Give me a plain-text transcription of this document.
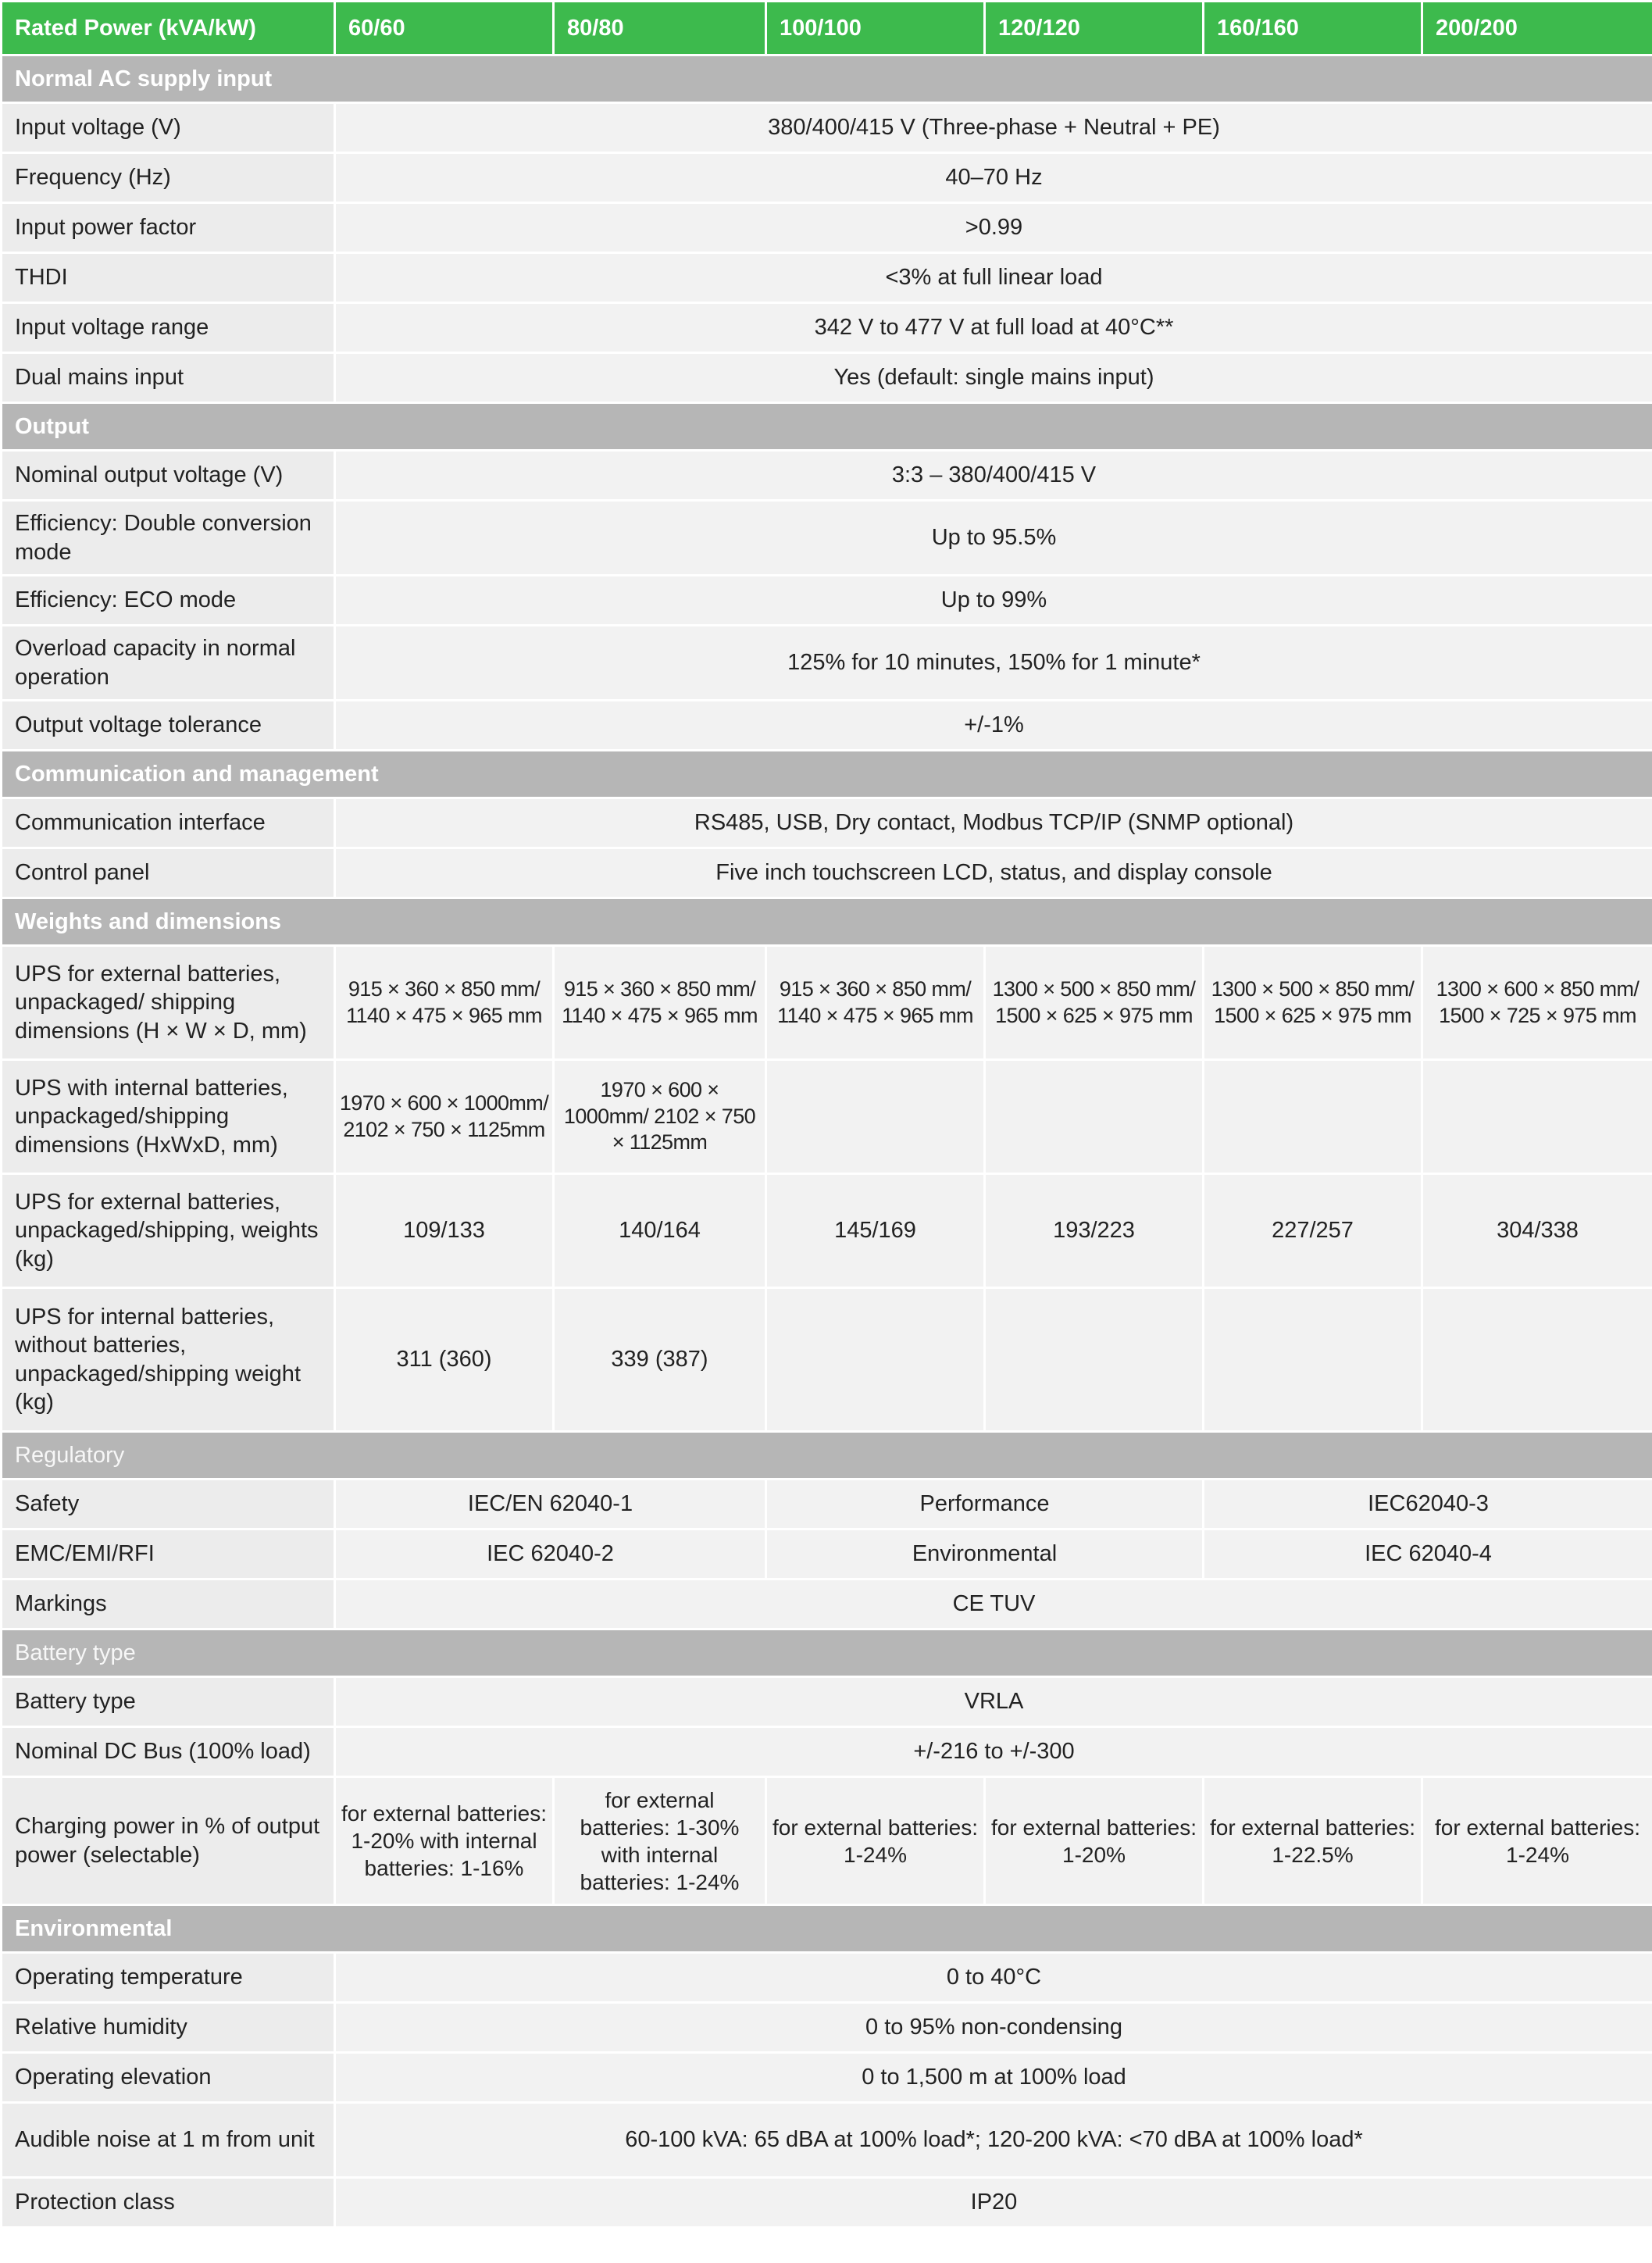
Rated Power (kVA/kW)	60/60	80/80	100/100	120/120	160/160	200/200
Normal AC supply input						
Input voltage (V)	380/400/415 V (Three-phase + Neutral + PE)					
Frequency (Hz)	40–70 Hz					
Input power factor	>0.99					
THDI	<3% at full linear load					
Input voltage range	342 V to 477 V at full load at 40°C**					
Dual mains input	Yes (default: single mains input)					
Output						
Nominal output voltage (V)	3:3 – 380/400/415 V					
Efficiency: Double conversion mode	Up to 95.5%					
Efficiency: ECO mode	Up to 99%					
Overload capacity in normal operation	125% for 10 minutes, 150% for 1 minute*					
Output voltage tolerance	+/-1%					
Communication and management						
Communication interface	RS485, USB, Dry contact, Modbus TCP/IP (SNMP optional)					
Control panel	Five inch touchscreen LCD, status, and display console					
Weights and dimensions						
UPS for external batteries, unpackaged/ shipping dimensions (H × W × D, mm)	915 × 360 × 850 mm/ 1140 × 475 × 965 mm	915 × 360 × 850 mm/ 1140 × 475 × 965 mm	915 × 360 × 850 mm/ 1140 × 475 × 965 mm	1300 × 500 × 850 mm/ 1500 × 625 × 975 mm	1300 × 500 × 850 mm/ 1500 × 625 × 975 mm	1300 × 600 × 850 mm/ 1500 × 725 × 975 mm
UPS with internal batteries, unpackaged/shipping dimensions (HxWxD, mm)	1970 × 600 × 1000mm/ 2102 × 750 × 1125mm	1970 × 600 × 1000mm/ 2102 × 750 × 1125mm				
UPS for external batteries, unpackaged/shipping, weights (kg)	109/133	140/164	145/169	193/223	227/257	304/338
UPS for internal batteries, without batteries, unpackaged/shipping weight (kg)	311 (360)	339 (387)				
Regulatory						
Safety	IEC/EN 62040-1		Performance		IEC62040-3	
EMC/EMI/RFI	IEC 62040-2		Environmental		IEC 62040-4	
Markings	CE TUV					
Battery type						
Battery type	VRLA					
Nominal DC Bus (100% load)	+/-216 to +/-300					
Charging power in % of output power (selectable)	for external batteries: 1-20% with internal batteries: 1-16%	for external batteries: 1-30% with internal batteries: 1-24%	for external batteries: 1-24%	for external batteries: 1-20%	for external batteries: 1-22.5%	for external batteries: 1-24%
Environmental						
Operating temperature	0 to 40°C					
Relative humidity	0 to 95% non-condensing					
Operating elevation	0 to 1,500 m at 100% load					
Audible noise at 1 m from unit	60-100 kVA: 65 dBA at 100% load*; 120-200 kVA: <70 dBA at 100% load*					
Protection class	IP20					
